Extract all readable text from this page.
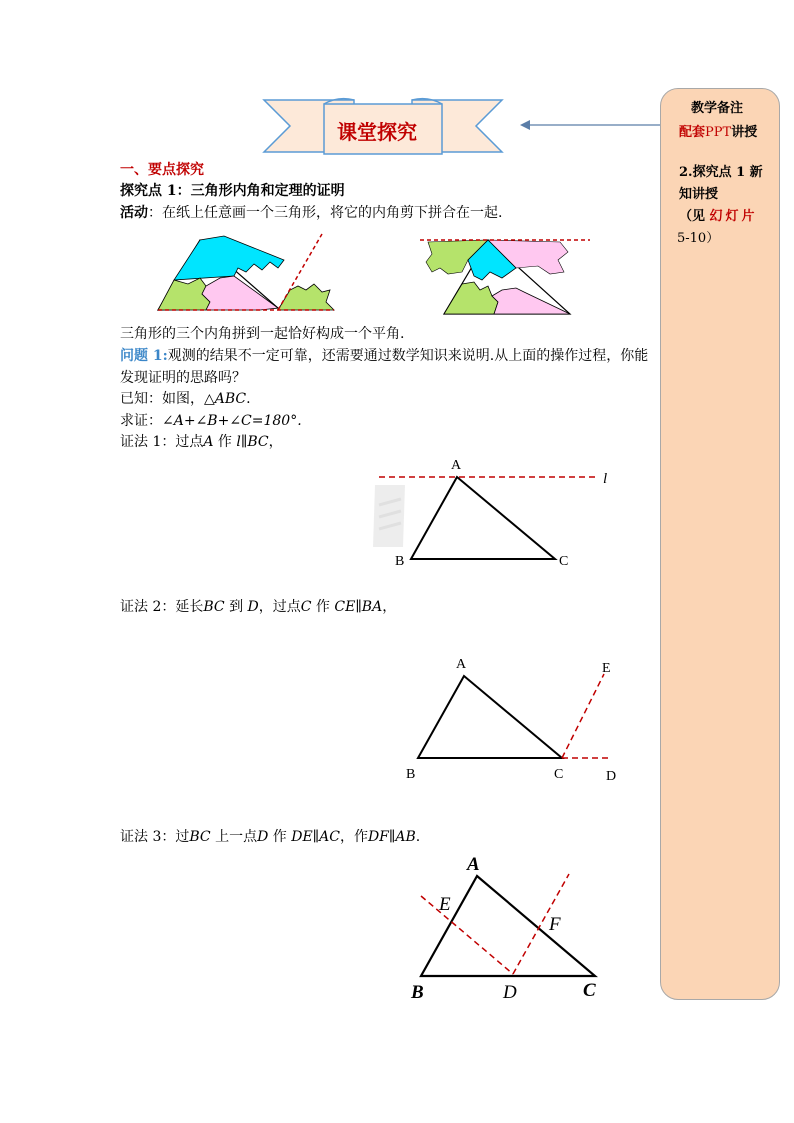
课堂探究
教学备注
配套PPT讲授
2.探究点 1 新
知讲授
（见 幻灯片
5-10）
一、要点探究
探究点 1：三角形内角和定理的证明
活动：在纸上任意画一个三角形，将它的内角剪下拼合在一起.
三角形的三个内角拼到一起恰好构成一个平角.
问题 1:观测的结果不一定可靠，还需要通过数学知识来说明.从上面的操作过程，你能
发现证明的思路吗？
已知：如图，△ABC.
求证：∠A+∠B+∠C=180°.
证法 1：过点A 作 l∥BC，
A
B	C
l
证法 2：延长BC 到 D，过点C 作 CE∥BA，
A
B	C	D
E
证法 3：过BC 上一点D 作 DE∥AC，作DF∥AB.
A
B	C
D
E
F
